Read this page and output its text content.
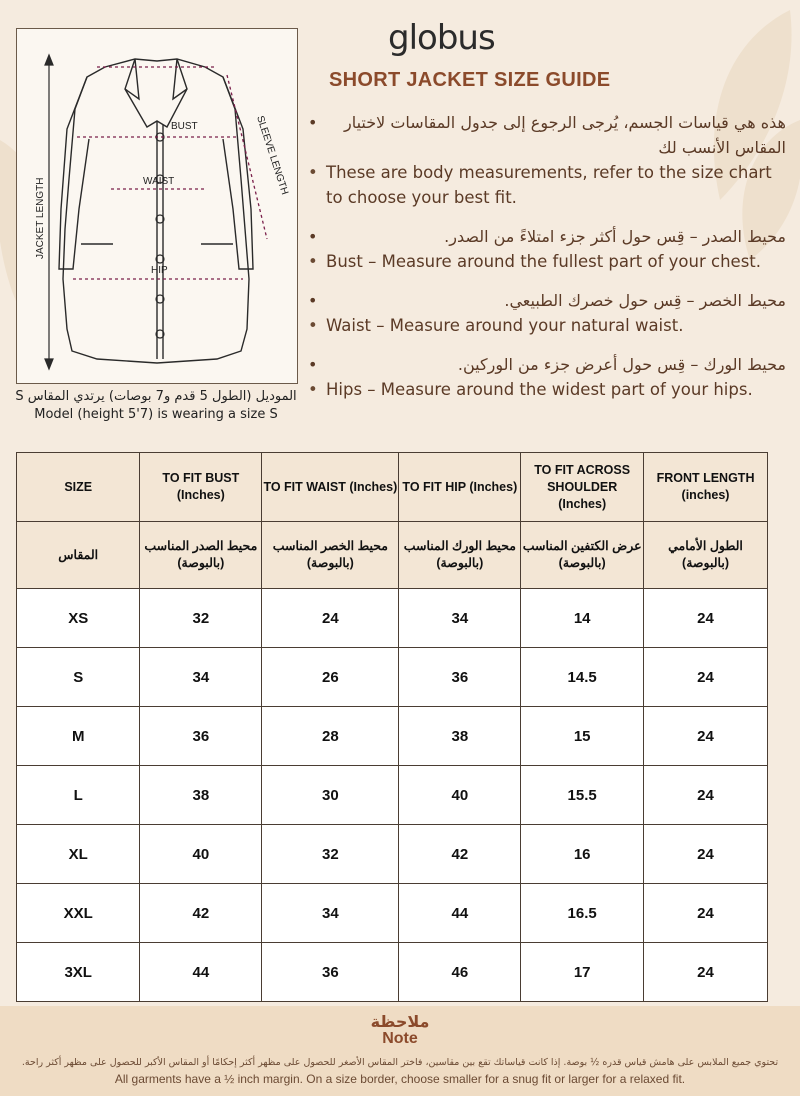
BUST
WAIST
HIP
JACKET LENGTH
SLEEVE LENGTH
الموديل (الطول 5 قدم و7 بوصات) يرتدي المقاس S
Model (height 5'7) is wearing a size S
globus
SHORT JACKET SIZE GUIDE
•	هذه هي قياسات الجسم، يُرجى الرجوع إلى جدول المقاسات لاختيار المقاس الأنسب لك
• These are body measurements, refer to the size chart to choose your best fit.
•	محيط الصدر – قِس حول أكثر جزء امتلاءً من الصدر.
• Bust – Measure around the fullest part of your chest.
•	محيط الخصر – قِس حول خصرك الطبيعي.
• Waist – Measure around your natural waist.
•	محيط الورك – قِس حول أعرض جزء من الوركين.
• Hips – Measure around the widest part of your hips.
SIZE	TO FIT BUST (Inches)	TO FIT WAIST (Inches)	TO FIT HIP (Inches)	TO FIT ACROSS SHOULDER (Inches)	FRONT LENGTH (inches)
المقاس	محيط الصدر المناسب (بالبوصة)	محيط الخصر المناسب (بالبوصة)	محيط الورك المناسب (بالبوصة)	عرض الكتفين المناسب (بالبوصة)	الطول الأمامي (بالبوصة)
XS	32	24	34	14	24
S	34	26	36	14.5	24
M	36	28	38	15	24
L	38	30	40	15.5	24
XL	40	32	42	16	24
XXL	42	34	44	16.5	24
3XL	44	36	46	17	24
ملاحظة
Note
تحتوي جميع الملابس على هامش قياس قدره ½ بوصة. إذا كانت قياساتك تقع بين مقاسين، فاختر المقاس الأصغر للحصول على مظهر أكثر إحكامًا أو المقاس الأكبر للحصول على مظهر أكثر راحة.
All garments have a ½ inch margin. On a size border, choose smaller for a snug fit or larger for a relaxed fit.
